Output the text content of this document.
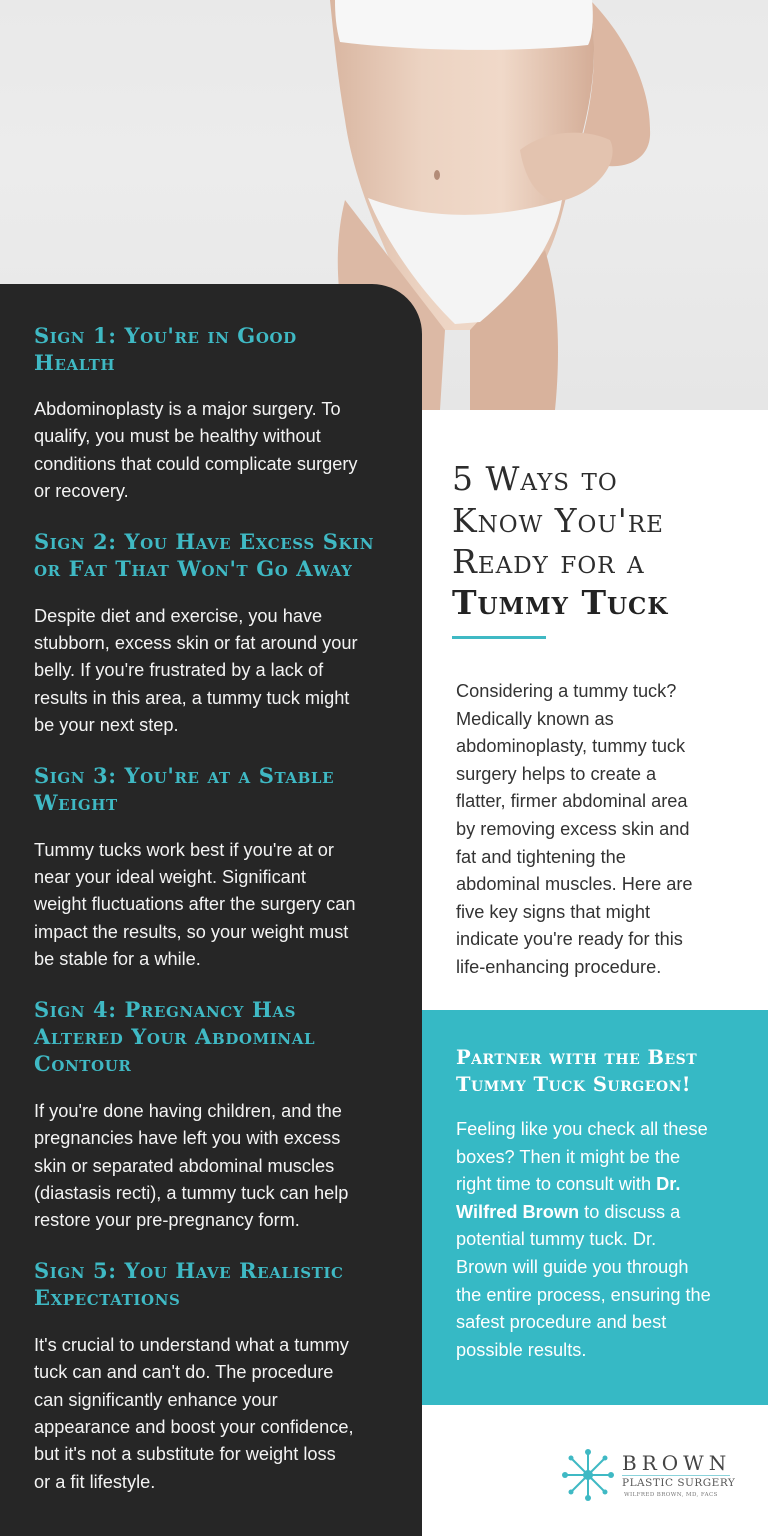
Sign 1: You're in Good
Health
Abdominoplasty is a major surgery. To
qualify, you must be healthy without
conditions that could complicate surgery
or recovery.
Sign 2: You Have Excess Skin
or Fat That Won't Go Away
Despite diet and exercise, you have
stubborn, excess skin or fat around your
belly. If you're frustrated by a lack of
results in this area, a tummy tuck might
be your next step.
Sign 3: You're at a Stable
Weight
Tummy tucks work best if you're at or
near your ideal weight. Significant
weight fluctuations after the surgery can
impact the results, so your weight must
be stable for a while.
Sign 4: Pregnancy Has
Altered Your Abdominal
Contour
If you're done having children, and the
pregnancies have left you with excess
skin or separated abdominal muscles
(diastasis recti), a tummy tuck can help
restore your pre-pregnancy form.
Sign 5: You Have Realistic
Expectations
It's crucial to understand what a tummy
tuck can and can't do. The procedure
can significantly enhance your
appearance and boost your confidence,
but it's not a substitute for weight loss
or a fit lifestyle.
5 Ways to
Know You're
Ready for a
Tummy Tuck
Considering a tummy tuck?
Medically known as
abdominoplasty, tummy tuck
surgery helps to create a
flatter, firmer abdominal area
by removing excess skin and
fat and tightening the
abdominal muscles. Here are
five key signs that might
indicate you're ready for this
life-enhancing procedure.
Partner with the Best
Tummy Tuck Surgeon!
Feeling like you check all these
boxes? Then it might be the
right time to consult with Dr.
Wilfred Brown to discuss a
potential tummy tuck. Dr.
Brown will guide you through
the entire process, ensuring the
safest procedure and best
possible results.
BROWN
PLASTIC SURGERY
WILFRED BROWN, MD, FACS
